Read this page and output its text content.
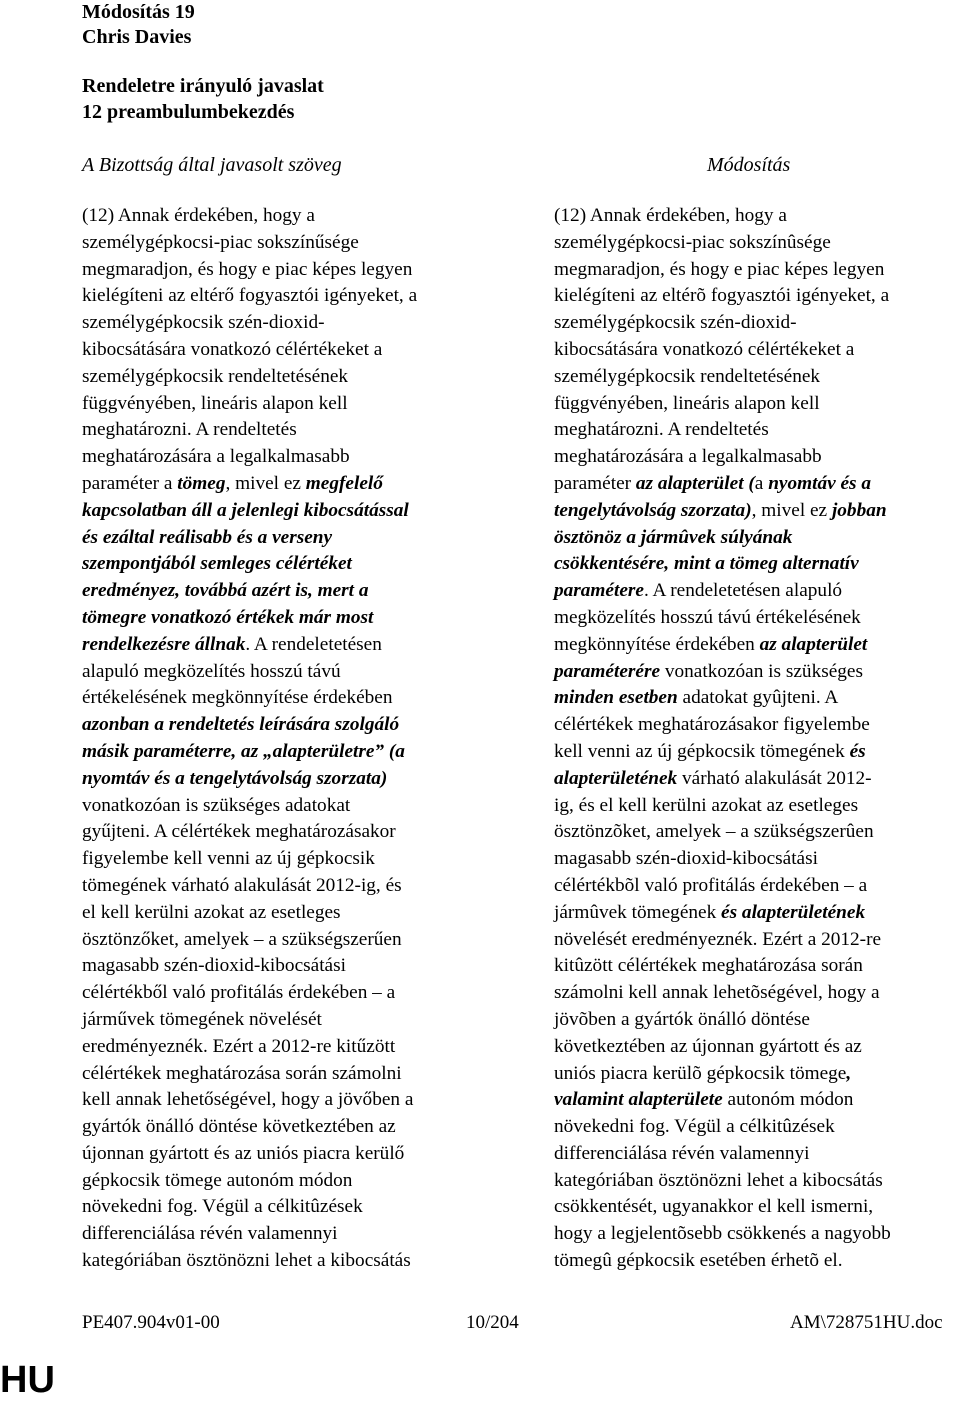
Módosítás 19

Chris Davies

Rendeletre irányuló javaslat

12 preambulumbekezdés

A Bizottság által javasolt szöveg	Módosítás

(12) Annak érdekében, hogy a
személygépkocsi-piac sokszínűsége
megmaradjon, és hogy e piac képes legyen
kielégíteni az eltérő fogyasztói igényeket, a
személygépkocsik szén-dioxid-
kibocsátására vonatkozó célértékeket a
személygépkocsik rendeltetésének
függvényében, lineáris alapon kell
meghatározni. A rendeltetés
meghatározására a legalkalmasabb
paraméter a tömeg, mivel ez megfelelő
kapcsolatban áll a jelenlegi kibocsátással
és ezáltal reálisabb és a verseny
szempontjából semleges célértéket
eredményez, továbbá azért is, mert a
tömegre vonatkozó értékek már most
rendelkezésre állnak. A rendeletetésen
alapuló megközelítés hosszú távú
értékelésének megkönnyítése érdekében
azonban a rendeltetés leírására szolgáló
másik paraméterre, az „alapterületre” (a
nyomtáv és a tengelytávolság szorzata)
vonatkozóan is szükséges adatokat
gyűjteni. A célértékek meghatározásakor
figyelembe kell venni az új gépkocsik
tömegének várható alakulását 2012-ig, és
el kell kerülni azokat az esetleges
ösztönzőket, amelyek – a szükségszerűen
magasabb szén-dioxid-kibocsátási
célértékből való profitálás érdekében – a
járművek tömegének növelését
eredményeznék. Ezért a 2012-re kitűzött
célértékek meghatározása során számolni
kell annak lehetőségével, hogy a jövőben a
gyártók önálló döntése következtében az
újonnan gyártott és az uniós piacra kerülő
gépkocsik tömege autonóm módon
növekedni fog. Végül a célkitûzések
differenciálása révén valamennyi
kategóriában ösztönözni lehet a kibocsátás
(12) Annak érdekében, hogy a
személygépkocsi-piac sokszínûsége
megmaradjon, és hogy e piac képes legyen
kielégíteni az eltérõ fogyasztói igényeket, a
személygépkocsik szén-dioxid-
kibocsátására vonatkozó célértékeket a
személygépkocsik rendeltetésének
függvényében, lineáris alapon kell
meghatározni. A rendeltetés
meghatározására a legalkalmasabb
paraméter az alapterület (a nyomtáv és a
tengelytávolság szorzata), mivel ez jobban
ösztönöz a jármûvek súlyának
csökkentésére, mint a tömeg alternatív
paramétere. A rendeletetésen alapuló
megközelítés hosszú távú értékelésének
megkönnyítése érdekében az alapterület
paraméterére vonatkozóan is szükséges
minden esetben adatokat gyûjteni. A
célértékek meghatározásakor figyelembe
kell venni az új gépkocsik tömegének és
alapterületének várható alakulását 2012-
ig, és el kell kerülni azokat az esetleges
ösztönzõket, amelyek – a szükségszerûen
magasabb szén-dioxid-kibocsátási
célértékbõl való profitálás érdekében – a
jármûvek tömegének és alapterületének
növelését eredményeznék. Ezért a 2012-re
kitûzött célértékek meghatározása során
számolni kell annak lehetõségével, hogy a
jövõben a gyártók önálló döntése
következtében az újonnan gyártott és az
uniós piacra kerülõ gépkocsik tömege,
valamint alapterülete autonóm módon
növekedni fog. Végül a célkitûzések
differenciálása révén valamennyi
kategóriában ösztönözni lehet a kibocsátás
csökkentését, ugyanakkor el kell ismerni,
hogy a legjelentõsebb csökkenés a nagyobb
tömegû gépkocsik esetében érhetõ el.

PE407.904v01-00	10/204	AM\728751HU.doc

HU
